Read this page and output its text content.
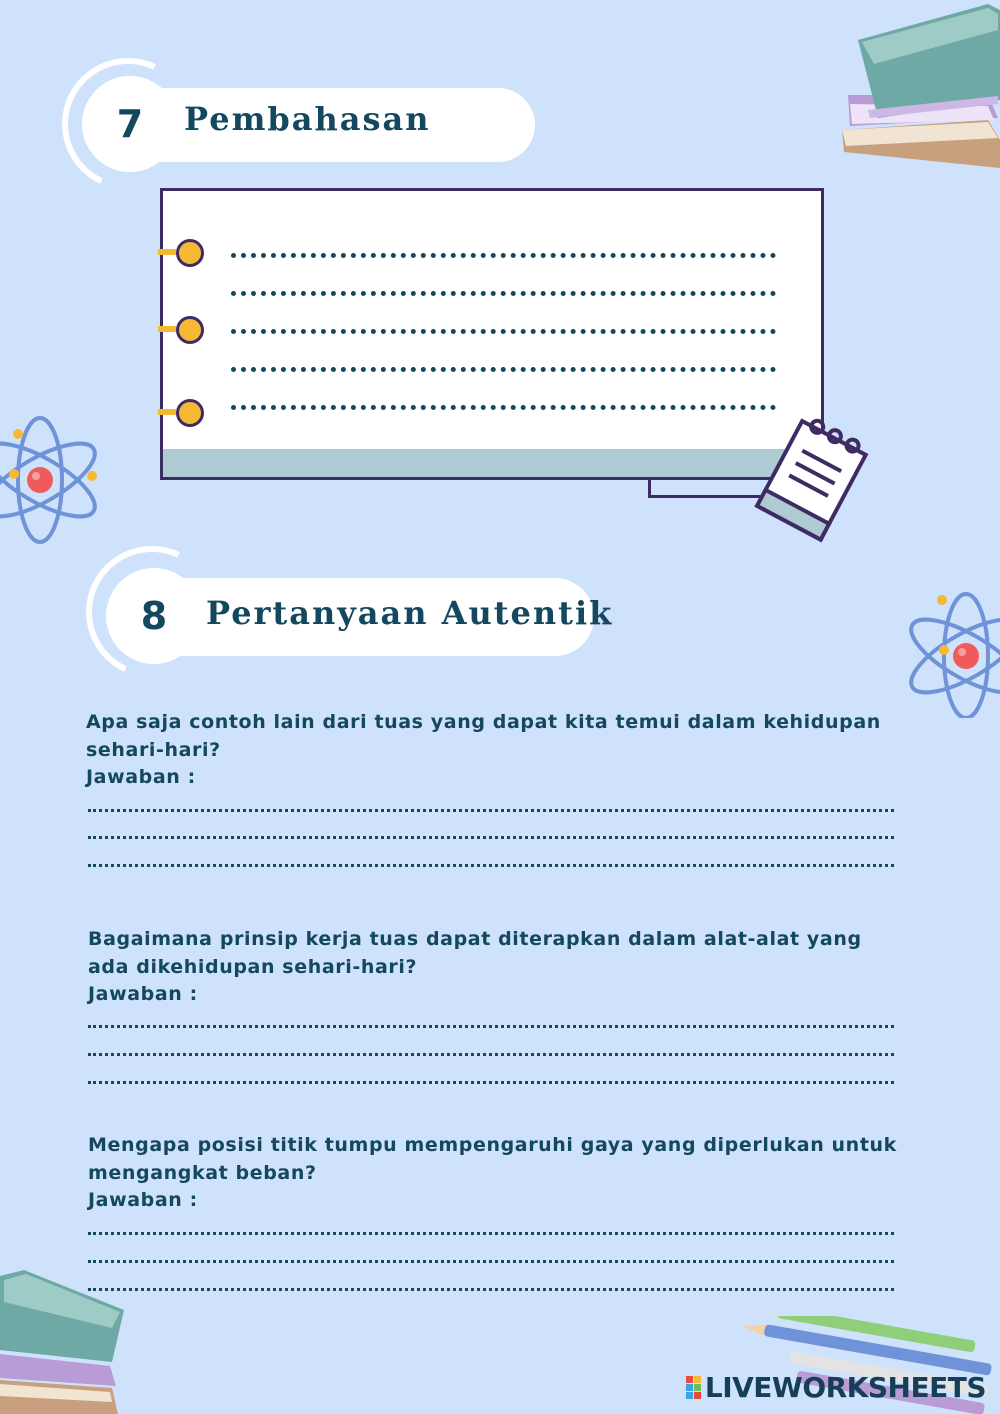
7	Pembahasan
8	Pertanyaan Autentik
Apa saja contoh lain dari tuas yang dapat kita temui dalam kehidupan sehari-hari?
Jawaban :
Bagaimana prinsip kerja tuas dapat diterapkan dalam alat-alat yang ada dikehidupan sehari-hari?
Jawaban :
Mengapa posisi titik tumpu mempengaruhi gaya yang diperlukan untuk mengangkat beban?
Jawaban :
LIVEWORKSHEETS
